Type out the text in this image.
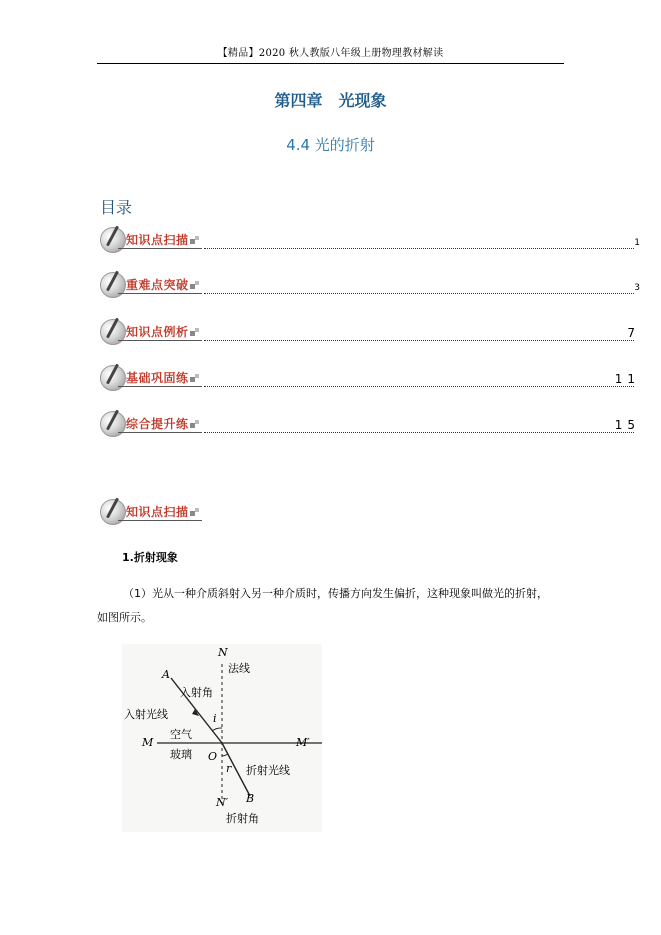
【精品】2020 秋人教版八年级上册物理教材解读
第四章　光现象
4.4 光的折射
目录
知识点扫描	1
重难点突破	3
知识点例析	7
基础巩固练	11
综合提升练	15
知识点扫描
1.折射现象
（1）光从一种介质斜射入另一种介质时，传播方向发生偏折，这种现象叫做光的折射，
如图所示。
N
法线
A
入射角
入射光线	i
M
空气
M′
O
玻璃
r 折射光线
N′ B
折射角
